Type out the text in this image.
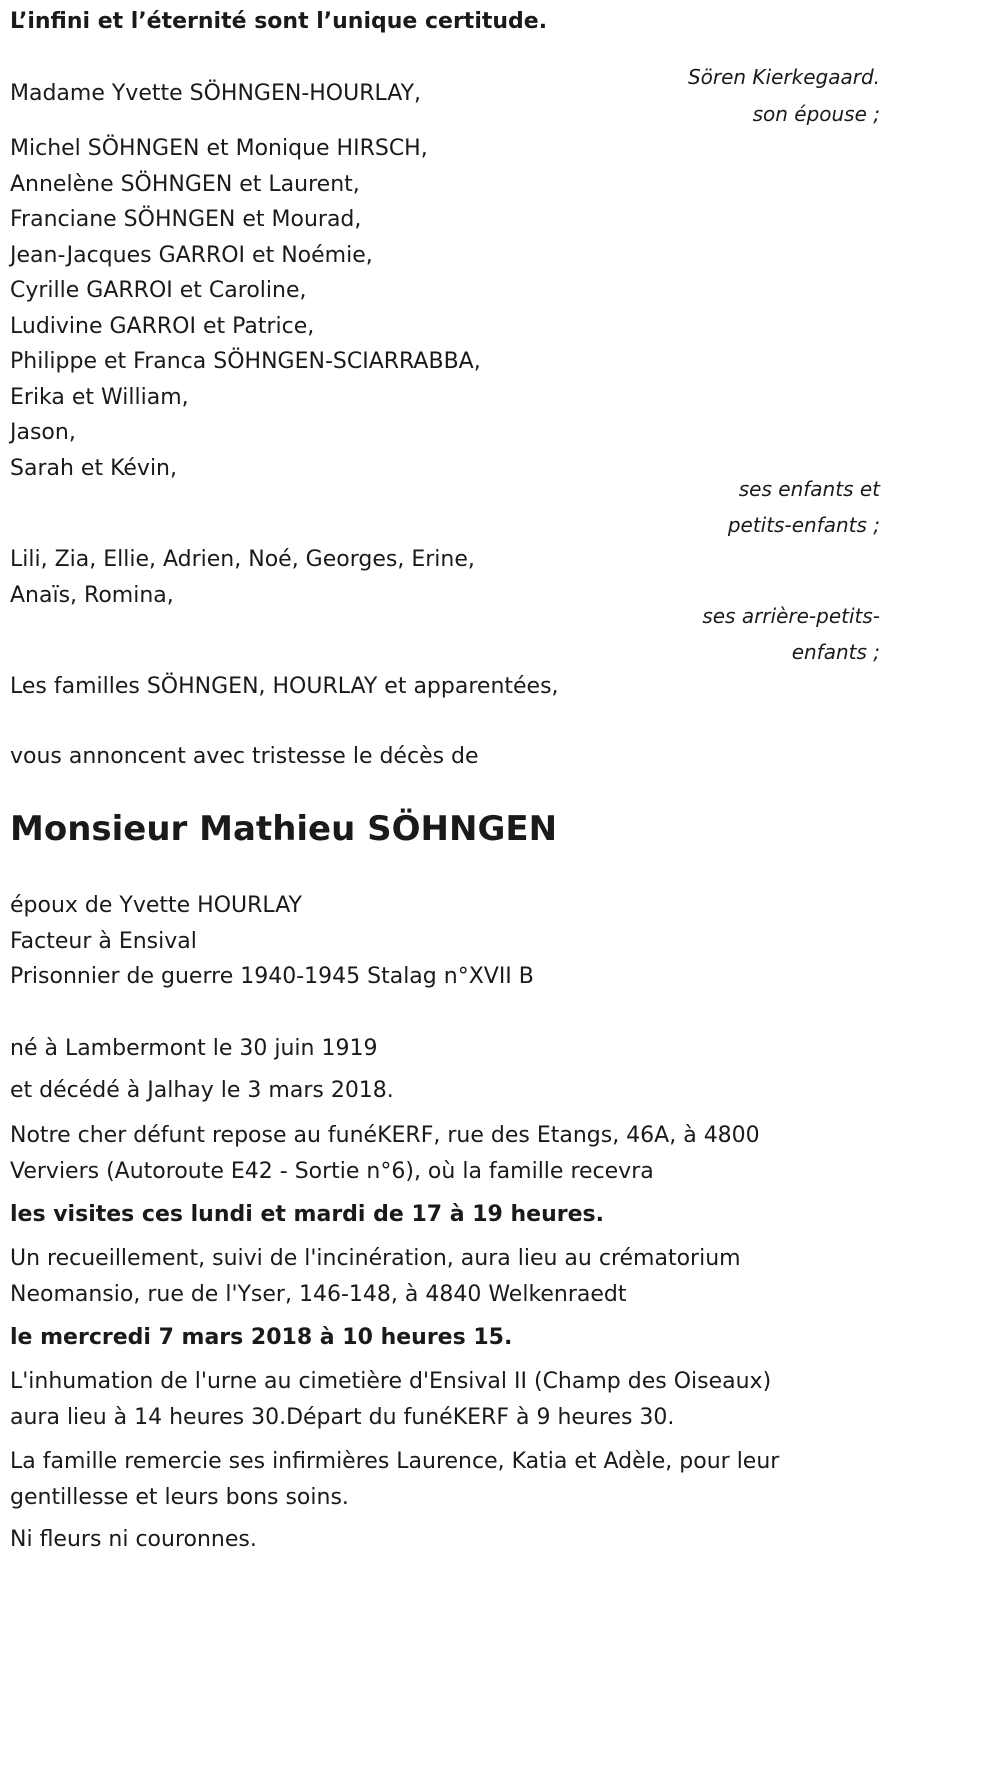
L’infini et l’éternité sont l’unique certitude.
Sören Kierkegaard.
Madame Yvette SÖHNGEN-HOURLAY,
son épouse ;
Michel SÖHNGEN et Monique HIRSCH,
Annelène SÖHNGEN et Laurent,
Franciane SÖHNGEN et Mourad,
Jean-Jacques GARROI et Noémie,
Cyrille GARROI et Caroline,
Ludivine GARROI et Patrice,
Philippe et Franca SÖHNGEN-SCIARRABBA,
Erika et William,
Jason,
Sarah et Kévin,
ses enfants et
petits-enfants ;
Lili, Zia, Ellie, Adrien, Noé, Georges, Erine,
Anaïs, Romina,
ses arrière-petits-
enfants ;
Les familles SÖHNGEN, HOURLAY et apparentées,
vous annoncent avec tristesse le décès de
Monsieur Mathieu SÖHNGEN
époux de Yvette HOURLAY
Facteur à Ensival
Prisonnier de guerre 1940-1945 Stalag n°XVII B
né à Lambermont le 30 juin 1919
et décédé à Jalhay le 3 mars 2018.
Notre cher défunt repose au funéKERF, rue des Etangs, 46A, à 4800
Verviers (Autoroute E42 - Sortie n°6), où la famille recevra
les visites ces lundi et mardi de 17 à 19 heures.
Un recueillement, suivi de l'incinération, aura lieu au crématorium
Neomansio, rue de l'Yser, 146-148, à 4840 Welkenraedt
le mercredi 7 mars 2018 à 10 heures 15.
L'inhumation de l'urne au cimetière d'Ensival II (Champ des Oiseaux)
aura lieu à 14 heures 30.Départ du funéKERF à 9 heures 30.
La famille remercie ses infirmières Laurence, Katia et Adèle, pour leur
gentillesse et leurs bons soins.
Ni fleurs ni couronnes.
